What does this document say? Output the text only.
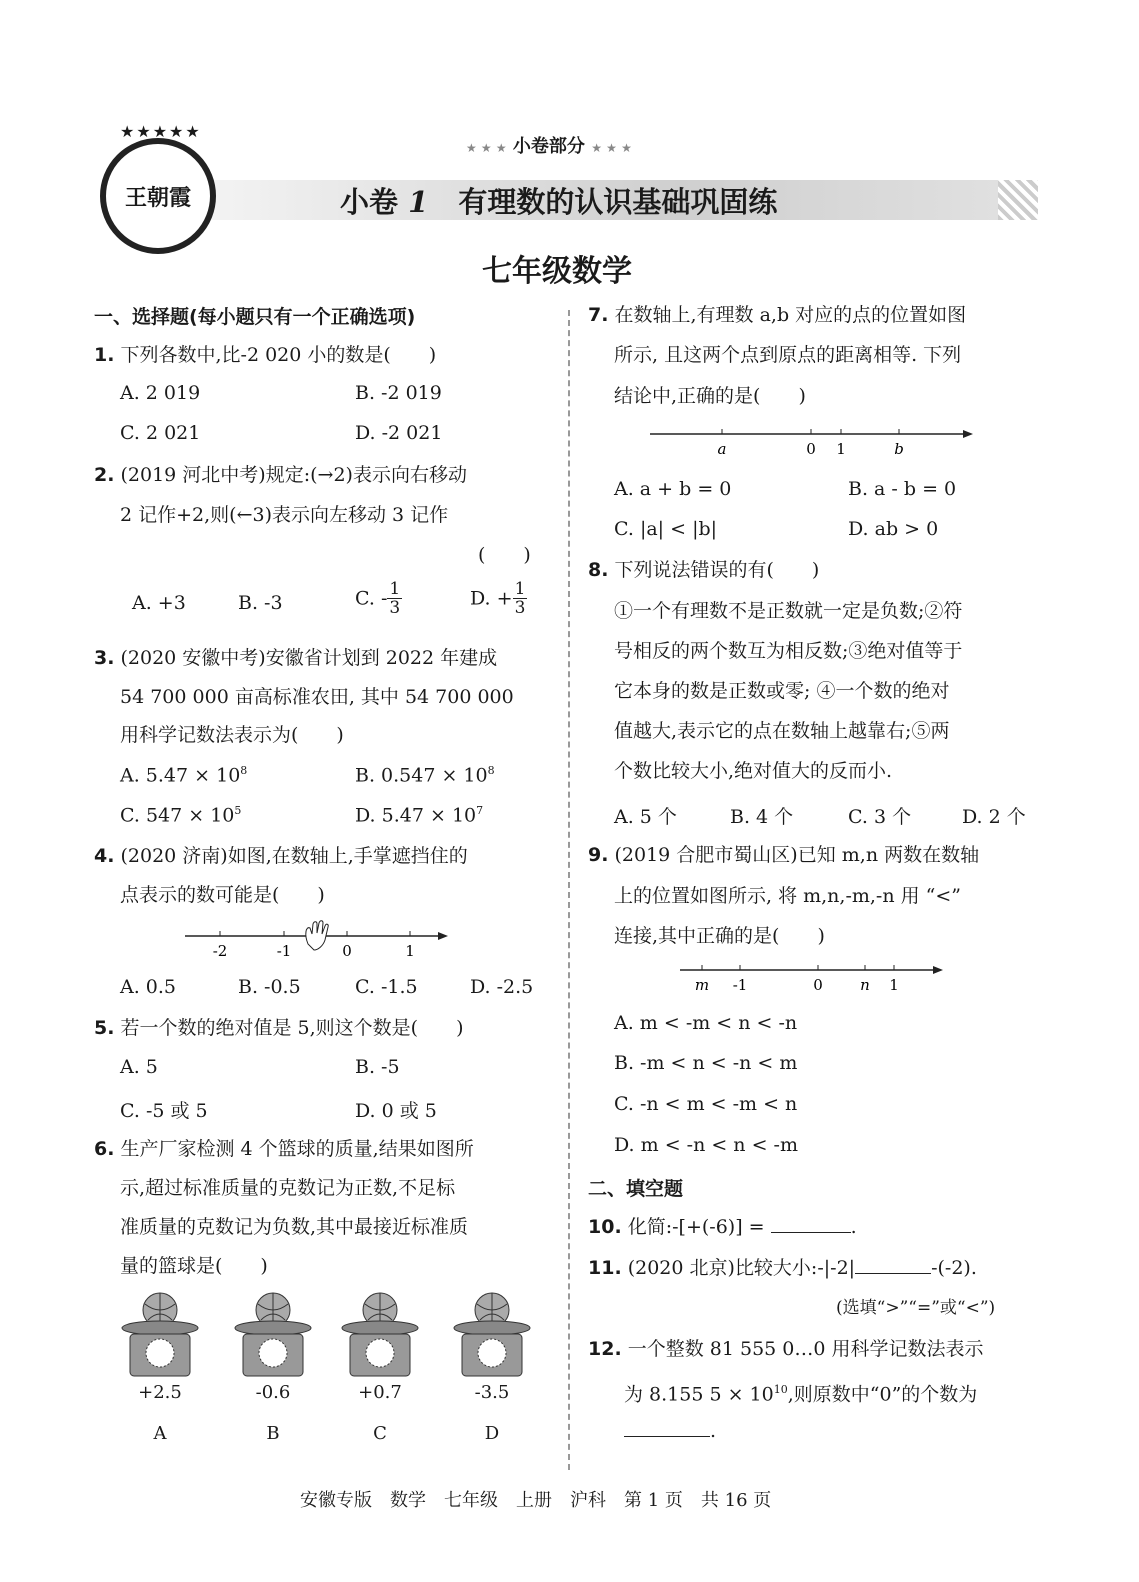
王朝霞
★★★★★
★ ★ ★ 小卷部分 ★ ★ ★
小卷 1 有理数的认识基础巩固练
七年级数学
一、选择题(每小题只有一个正确选项)
1. 下列各数中,比-2 020 小的数是(　　)
A. 2 019	B. -2 019
C. 2 021	D. -2 021
2. (2019 河北中考)规定:(→2)表示向右移动
2 记作+2,则(←3)表示向左移动 3 记作
(　　)
A. +3	B. -3	C. - $\frac{1}{3}$	D. + $\frac{1}{3}$
3. (2020 安徽中考)安徽省计划到 2022 年建成
54 700 000 亩高标准农田, 其中 54 700 000
用科学记数法表示为(　　)
A. $5.47 \times 10^8$	B. $0.547 \times 10^8$
C. $547 \times 10^5$	D. $5.47 \times 10^7$
4. (2020 济南)如图,在数轴上,手掌遮挡住的
点表示的数可能是(　　)
-2	-1	0	1
A. 0.5	B. -0.5	C. -1.5	D. -2.5
5. 若一个数的绝对值是 5,则这个数是(　　)
A. 5	B. -5
C. -5 或 5	D. 0 或 5
6. 生产厂家检测 4 个篮球的质量,结果如图所
示,超过标准质量的克数记为正数,不足标
准质量的克数记为负数,其中最接近标准质
量的篮球是(　　)
+2.5	-0.6	+0.7	-3.5
A	B	C	D
7. 在数轴上,有理数 a,b 对应的点的位置如图
所示, 且这两个点到原点的距离相等. 下列
结论中,正确的是(　　)
a	0 1	b
A. a + b = 0	B. a - b = 0
C. |a| < |b|	D. ab > 0
8. 下列说法错误的有(　　)
①一个有理数不是正数就一定是负数;②符
号相反的两个数互为相反数;③绝对值等于
它本身的数是正数或零; ④一个数的绝对
值越大,表示它的点在数轴上越靠右;⑤两
个数比较大小,绝对值大的反而小.
A. 5 个	B. 4 个	C. 3 个	D. 2 个
9. (2019 合肥市蜀山区)已知 m,n 两数在数轴
上的位置如图所示, 将 m,n,-m,-n 用 “<”
连接,其中正确的是(　　)
m -1	0 n 1
A. m < -m < n < -n
B. -m < n < -n < m
C. -n < m < -m < n
D. m < -n < n < -m
二、填空题
10. 化简:-[+(-6)] =	.
11. (2020 北京)比较大小:-|-2|	-(-2).
(选填“>”“=”或“<”)
12. 一个整数 81 555 0…0 用科学记数法表示
为 8.155 $5 \times 10^{10}$,则原数中“0”的个数为
.
安徽专版　数学　七年级　上册　沪科　第 1 页　共 16 页
